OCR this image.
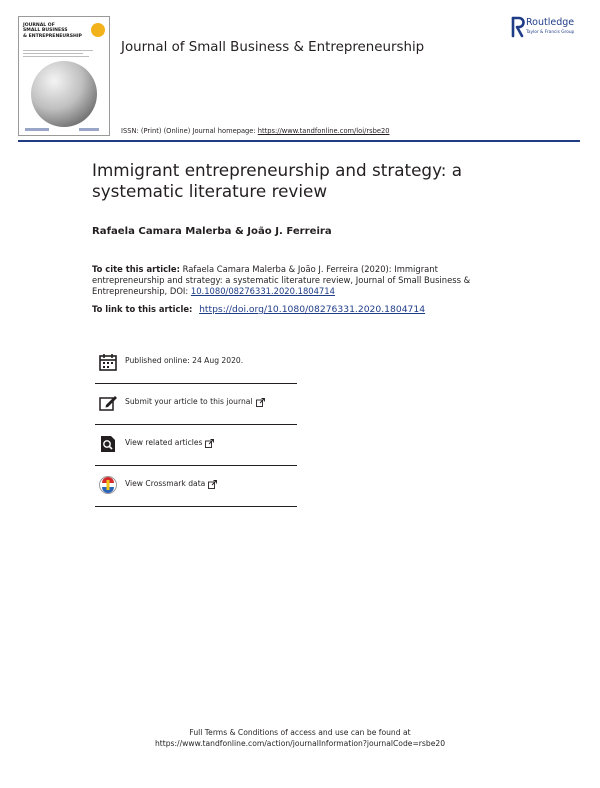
JOURNAL OF
SMALL BUSINESS
& ENTREPRENEURSHIP
Journal of Small Business & Entrepreneurship
Routledge
Taylor & Francis Group
ISSN: (Print) (Online) Journal homepage: https://www.tandfonline.com/loi/rsbe20
Immigrant entrepreneurship and strategy: a systematic literature review
Rafaela Camara Malerba & João J. Ferreira
To cite this article: Rafaela Camara Malerba & João J. Ferreira (2020): Immigrant entrepreneurship and strategy: a systematic literature review, Journal of Small Business & Entrepreneurship, DOI: 10.1080/08276331.2020.1804714
To link to this article: https://doi.org/10.1080/08276331.2020.1804714
Published online: 24 Aug 2020.
Submit your article to this journal
View related articles
View Crossmark data
Full Terms & Conditions of access and use can be found at
https://www.tandfonline.com/action/journalInformation?journalCode=rsbe20
